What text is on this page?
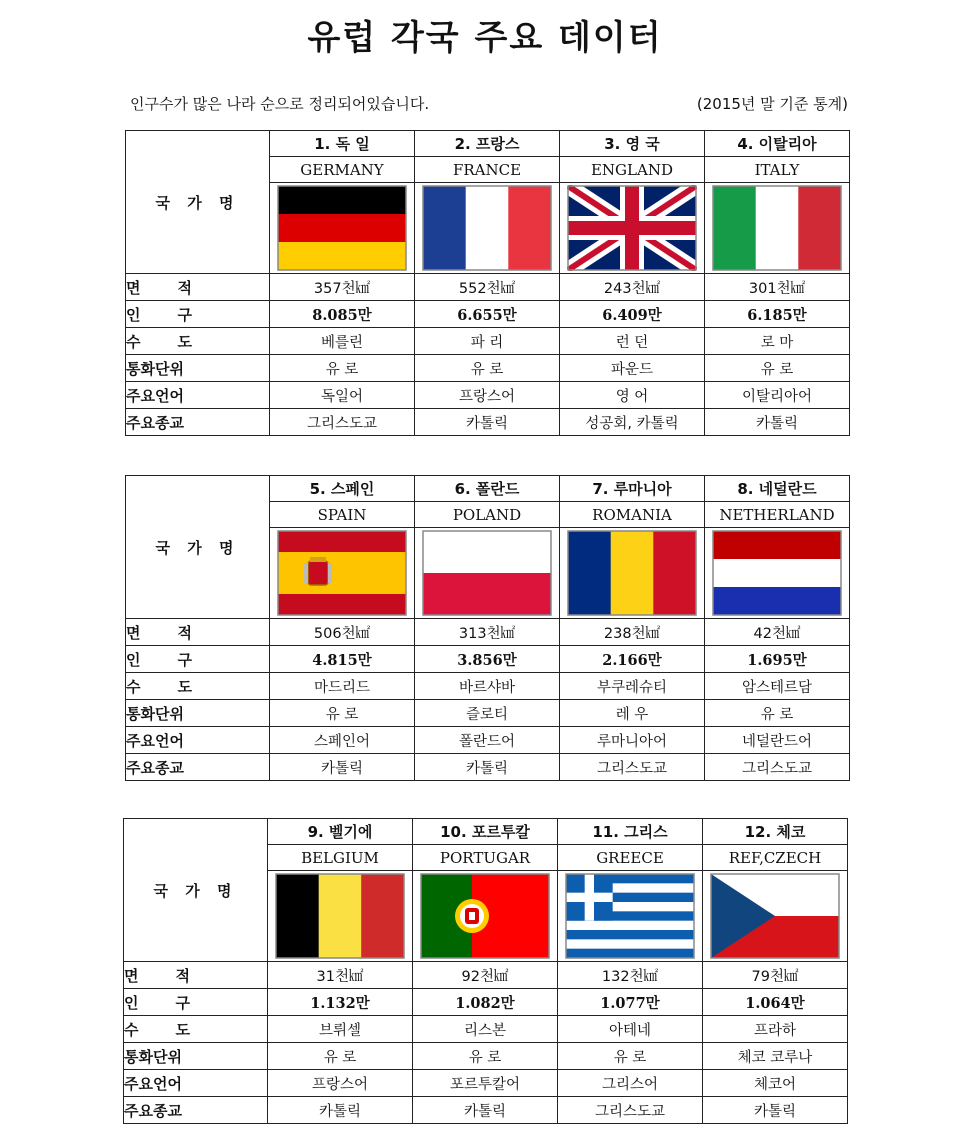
유럽 각국 주요 데이터
인구수가 많은 나라 순으로 정리되어있습니다.	(2015년 말 기준 통계)
국 가 명	1. 독 일	2. 프랑스	3. 영 국	4. 이탈리아
	GERMANY	FRANCE	ENGLAND	ITALY

면 적	357천㎢	552천㎢	243천㎢	301천㎢

인 구	8.085만	6.655만	6.409만	6.185만

수 도	베를린	파 리	런 던	로 마

통화단위	유 로	유 로	파운드	유 로

주요언어	독일어	프랑스어	영 어	이탈리아어

주요종교	그리스도교	카톨릭	성공회, 카톨릭	카톨릭
국 가 명	5. 스페인	6. 폴란드	7. 루마니아	8. 네덜란드
	SPAIN	POLAND	ROMANIA	NETHERLAND

면 적	506천㎢	313천㎢	238천㎢	42천㎢

인 구	4.815만	3.856만	2.166만	1.695만

수 도	마드리드	바르샤바	부쿠레슈티	암스테르담

통화단위	유 로	즐로티	레 우	유 로

주요언어	스페인어	폴란드어	루마니아어	네덜란드어

주요종교	카톨릭	카톨릭	그리스도교	그리스도교
국 가 명	9. 벨기에	10. 포르투칼	11. 그리스	12. 체코
	BELGIUM	PORTUGAR	GREECE	REF,CZECH

면 적	31천㎢	92천㎢	132천㎢	79천㎢

인 구	1.132만	1.082만	1.077만	1.064만

수 도	브뤼셀	리스본	아테네	프라하

통화단위	유 로	유 로	유 로	체코 코루나

주요언어	프랑스어	포르투칼어	그리스어	체코어

주요종교	카톨릭	카톨릭	그리스도교	카톨릭
